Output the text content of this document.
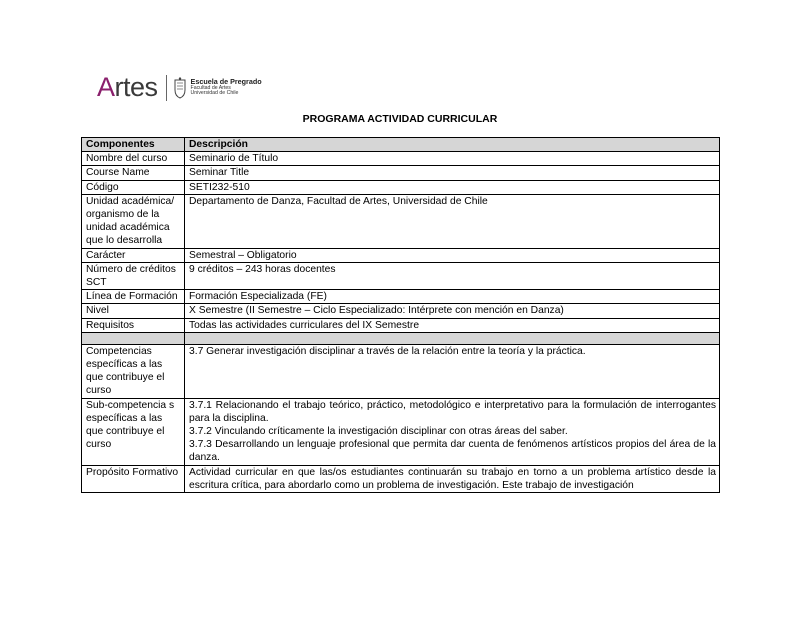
Artes	Escuela de Pregrado
Facultad de Artes
Universidad de Chile
PROGRAMA ACTIVIDAD CURRICULAR
Componentes	Descripción
Nombre del curso	Seminario de Título
Course Name	Seminar Title
Código	SETI232-510
Unidad académica/ organismo de la unidad académica que lo desarrolla	Departamento de Danza, Facultad de Artes, Universidad de Chile
Carácter	Semestral – Obligatorio
Número de créditos SCT	9 créditos – 243 horas docentes
Línea de Formación	Formación Especializada (FE)
Nivel	X Semestre (II Semestre – Ciclo Especializado: Intérprete con mención en Danza)
Requisitos	Todas las actividades curriculares del IX Semestre

Competencias específicas a las que contribuye el curso	3.7 Generar investigación disciplinar a través de la relación entre la teoría y la práctica.
Sub-competencia s específicas a las que contribuye el curso	3.7.1 Relacionando el trabajo teórico, práctico, metodológico e interpretativo para la formulación de interrogantes para la disciplina.
3.7.2 Vinculando críticamente la investigación disciplinar con otras áreas del saber.
3.7.3 Desarrollando un lenguaje profesional que permita dar cuenta de fenómenos artísticos propios del área de la danza.

Propósito Formativo	Actividad curricular en que las/os estudiantes continuarán su trabajo en torno a un problema artístico desde la escritura crítica, para abordarlo como un problema de investigación. Este trabajo de investigación
